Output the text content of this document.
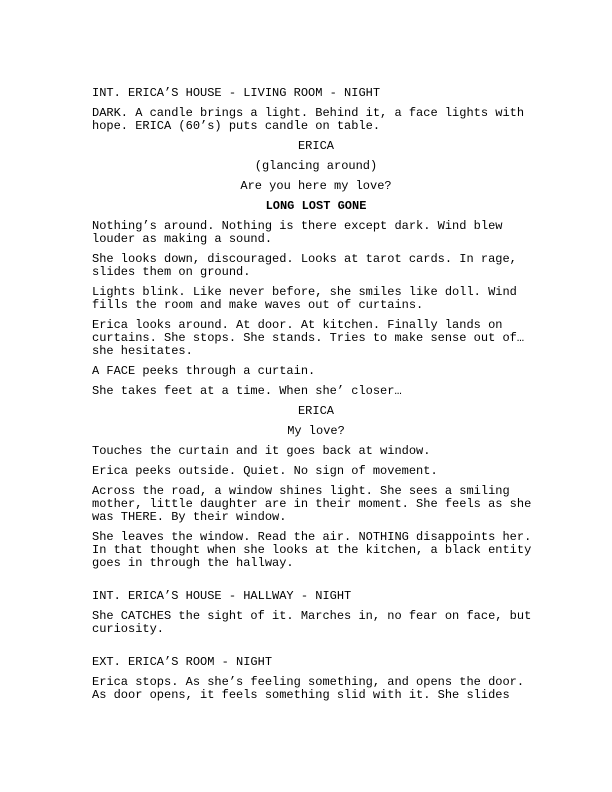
INT. ERICA’S HOUSE - LIVING ROOM - NIGHT
DARK. A candle brings a light. Behind it, a face lights with hope. ERICA (60’s) puts candle on table.
ERICA
(glancing around)
Are you here my love?
LONG LOST GONE
Nothing’s around. Nothing is there except dark. Wind blew louder as making a sound.
She looks down, discouraged. Looks at tarot cards. In rage, slides them on ground.
Lights blink. Like never before, she smiles like doll. Wind fills the room and make waves out of curtains.
Erica looks around. At door. At kitchen. Finally lands on curtains. She stops. She stands. Tries to make sense out of…she hesitates.
A FACE peeks through a curtain.
She takes feet at a time. When she’ closer…
ERICA
My love?
Touches the curtain and it goes back at window.
Erica peeks outside. Quiet. No sign of movement.
Across the road, a window shines light. She sees a smiling mother, little daughter are in their moment. She feels as she was THERE. By their window.
She leaves the window. Read the air. NOTHING disappoints her. In that thought when she looks at the kitchen, a black entity goes in through the hallway.
INT. ERICA’S HOUSE - HALLWAY - NIGHT
She CATCHES the sight of it. Marches in, no fear on face, but curiosity.
EXT. ERICA’S ROOM - NIGHT
Erica stops. As she’s feeling something, and opens the door. As door opens, it feels something slid with it. She slides
